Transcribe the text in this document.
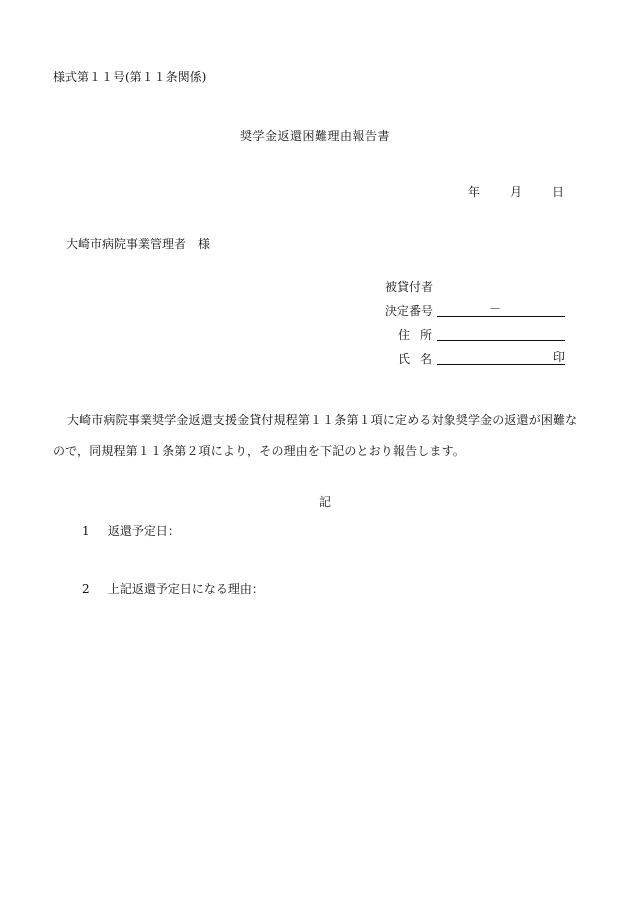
様式第１１号(第１１条関係)
奨学金返還困難理由報告書
年	月	日
大崎市病院事業管理者　様
被貸付者
決定番号	－
住所
氏名	印
大崎市病院事業奨学金返還支援金貸付規程第１１条第１項に定める対象奨学金の返還が困難なので，同規程第１１条第２項により，その理由を下記のとおり報告します。
記
1 返還予定日：
2 上記返還予定日になる理由：
